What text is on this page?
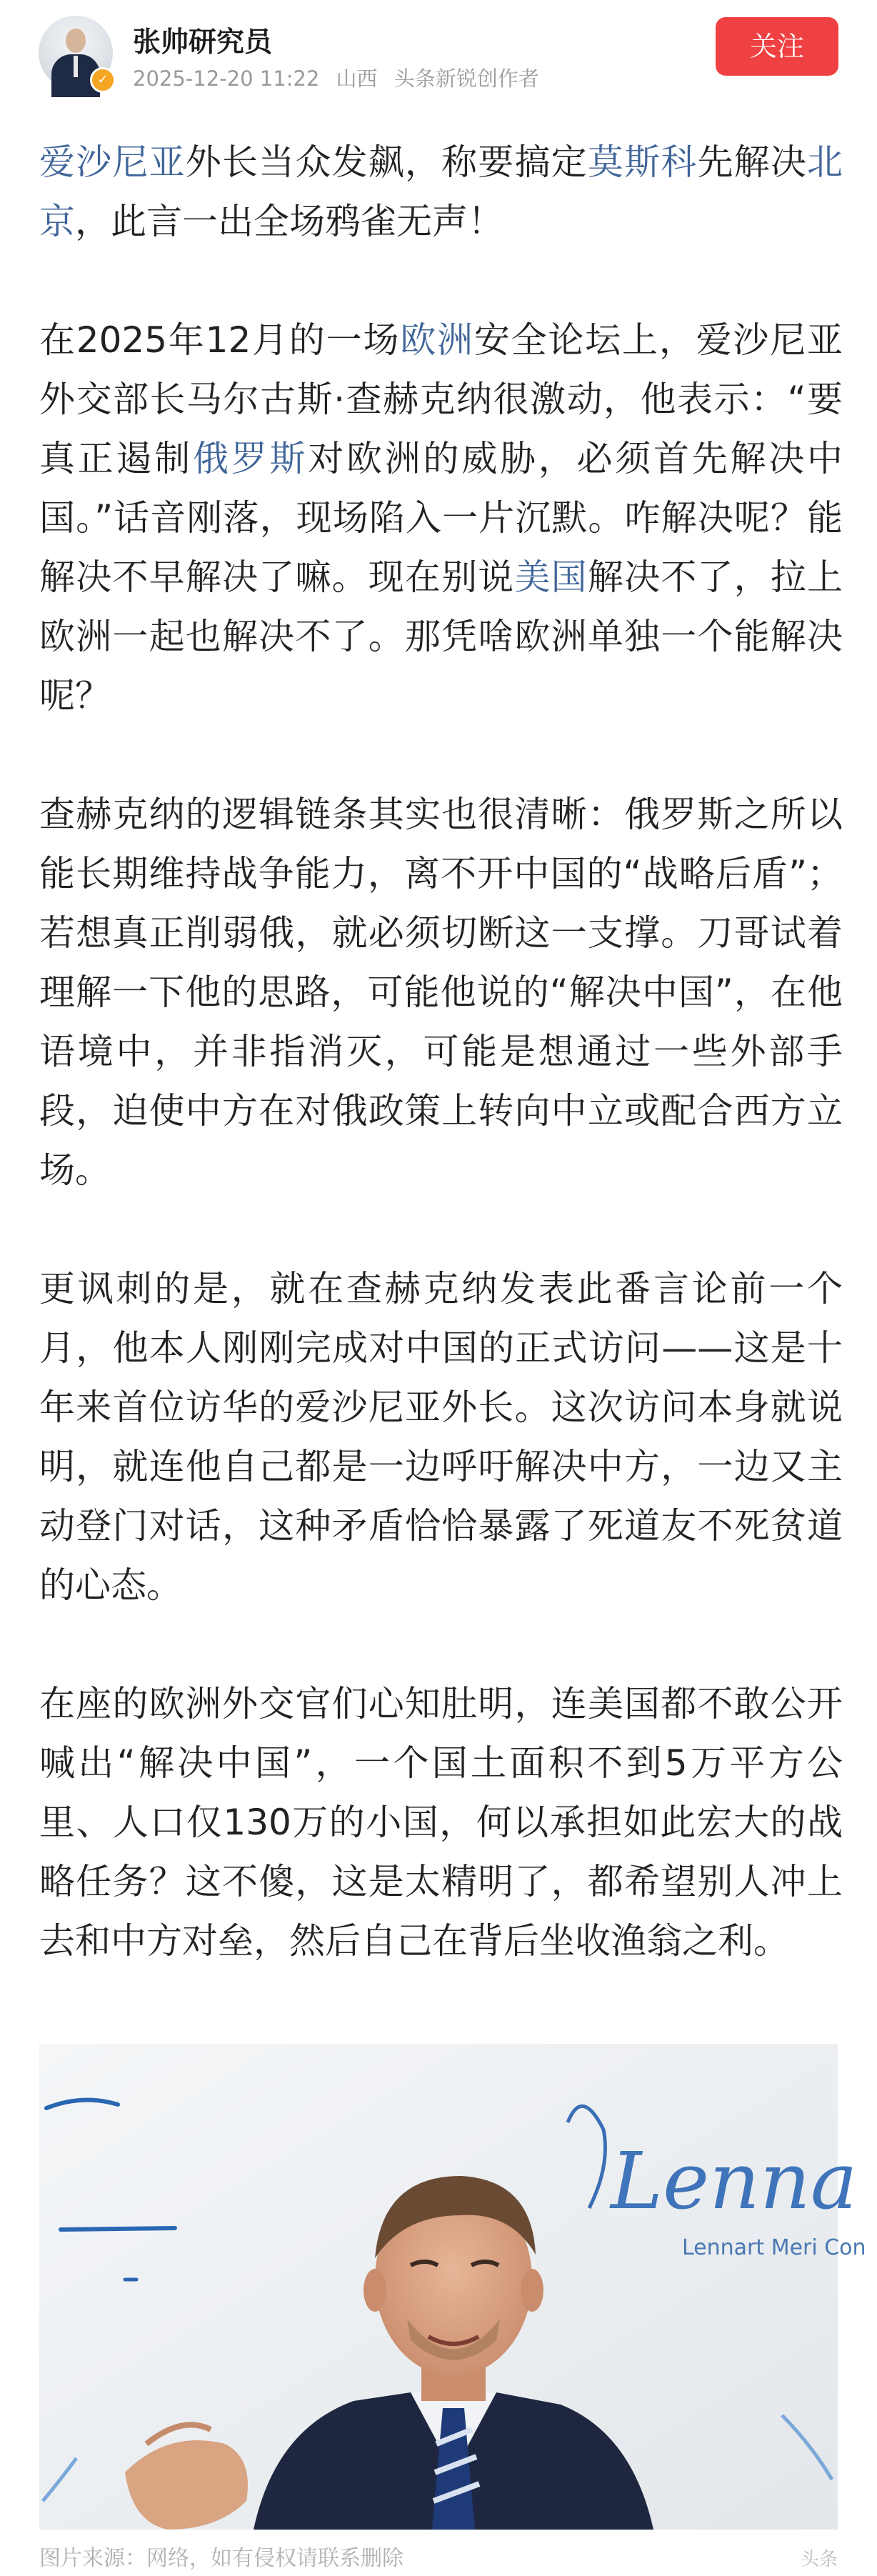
✓
张帅研究员
2025-12-20 11:22 山西 头条新锐创作者
关注

爱沙尼亚外长当众发飙，称要搞定莫斯科先解决北京，此言一出全场鸦雀无声！

在2025年12月的一场欧洲安全论坛上，爱沙尼亚外交部长马尔古斯·查赫克纳很激动，他表示：“要真正遏制俄罗斯对欧洲的威胁，必须首先解决中国。”话音刚落，现场陷入一片沉默。咋解决呢？能解决不早解决了嘛。现在别说美国解决不了，拉上欧洲一起也解决不了。那凭啥欧洲单独一个能解决呢？

查赫克纳的逻辑链条其实也很清晰：俄罗斯之所以能长期维持战争能力，离不开中国的“战略后盾”；若想真正削弱俄，就必须切断这一支撑。刀哥试着理解一下他的思路，可能他说的“解决中国”，在他语境中，并非指消灭，可能是想通过一些外部手段，迫使中方在对俄政策上转向中立或配合西方立场。

更讽刺的是，就在查赫克纳发表此番言论前一个月，他本人刚刚完成对中国的正式访问——这是十年来首位访华的爱沙尼亚外长。这次访问本身就说明，就连他自己都是一边呼吁解决中方，一边又主动登门对话，这种矛盾恰恰暴露了死道友不死贫道的心态。

在座的欧洲外交官们心知肚明，连美国都不敢公开喊出“解决中国”，一个国土面积不到5万平方公里、人口仅130万的小国，何以承担如此宏大的战略任务？这不傻，这是太精明了，都希望别人冲上去和中方对垒，然后自己在背后坐收渔翁之利。

Lenna
Lennart Meri Con
图片来源：网络，如有侵权请联系删除	头条
